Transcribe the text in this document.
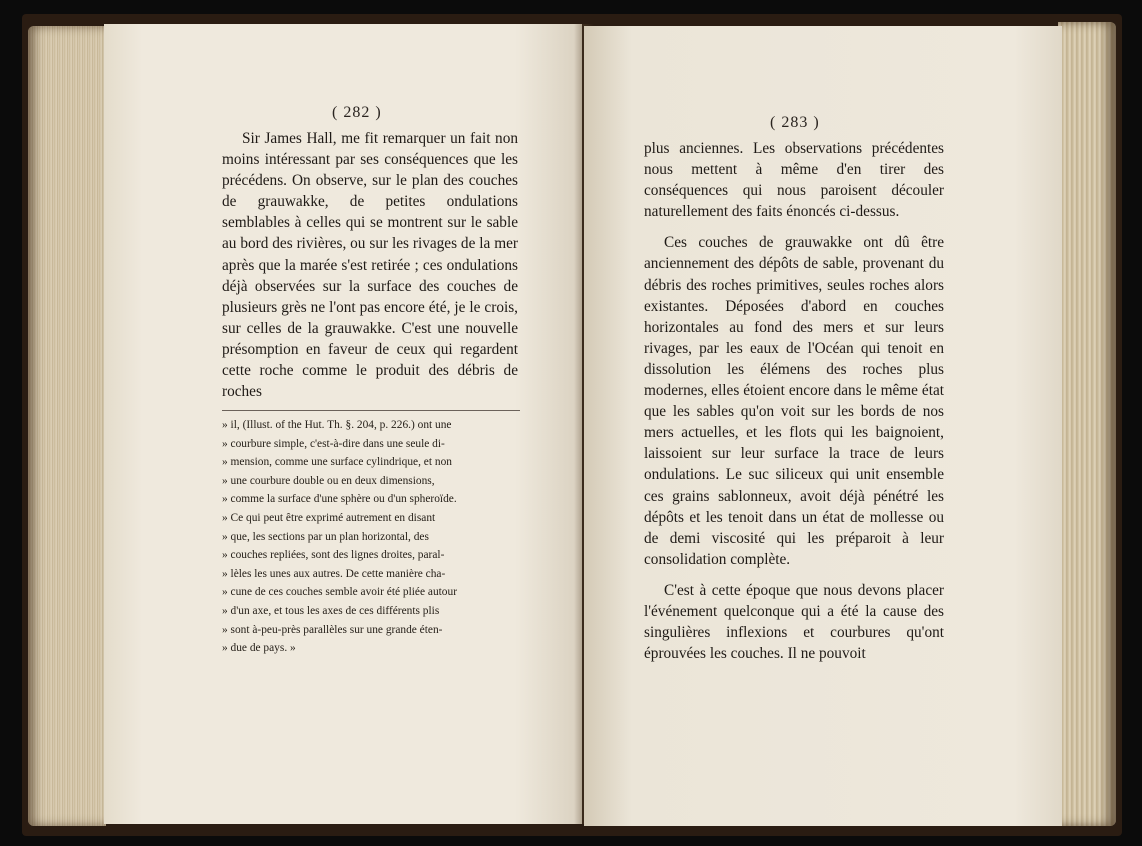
( 282 )

Sir James Hall, me fit remarquer un fait non moins intéressant par ses conséquences que les précédens. On observe, sur le plan des couches de grauwakke, de petites ondulations semblables à celles qui se montrent sur le sable au bord des rivières, ou sur les rivages de la mer après que la marée s'est retirée ; ces ondulations déjà observées sur la surface des couches de plusieurs grès ne l'ont pas encore été, je le crois, sur celles de la grauwakke. C'est une nouvelle présomption en faveur de ceux qui regardent cette roche comme le produit des débris de roches

» il, (Illust. of the Hut. Th. §. 204, p. 226.) ont une
» courbure simple, c'est-à-dire dans une seule di-
» mension, comme une surface cylindrique, et non
» une courbure double ou en deux dimensions,
» comme la surface d'une sphère ou d'un spheroïde.
» Ce qui peut être exprimé autrement en disant
» que, les sections par un plan horizontal, des
» couches repliées, sont des lignes droites, paral-
» lèles les unes aux autres. De cette manière cha-
» cune de ces couches semble avoir été pliée autour
» d'un axe, et tous les axes de ces différents plis
» sont à-peu-près parallèles sur une grande éten-
» due de pays. »
( 283 )

plus anciennes. Les observations précédentes nous mettent à même d'en tirer des conséquences qui nous paroisent découler naturellement des faits énoncés ci-dessus.

Ces couches de grauwakke ont dû être anciennement des dépôts de sable, provenant du débris des roches primitives, seules roches alors existantes. Déposées d'abord en couches horizontales au fond des mers et sur leurs rivages, par les eaux de l'Océan qui tenoit en dissolution les élémens des roches plus modernes, elles étoient encore dans le même état que les sables qu'on voit sur les bords de nos mers actuelles, et les flots qui les baignoient, laissoient sur leur surface la trace de leurs ondulations. Le suc siliceux qui unit ensemble ces grains sablonneux, avoit déjà pénétré les dépôts et les tenoit dans un état de mollesse ou de demi viscosité qui les préparoit à leur consolidation complète.

C'est à cette époque que nous devons placer l'événement quelconque qui a été la cause des singulières inflexions et courbures qu'ont éprouvées les couches. Il ne pouvoit
